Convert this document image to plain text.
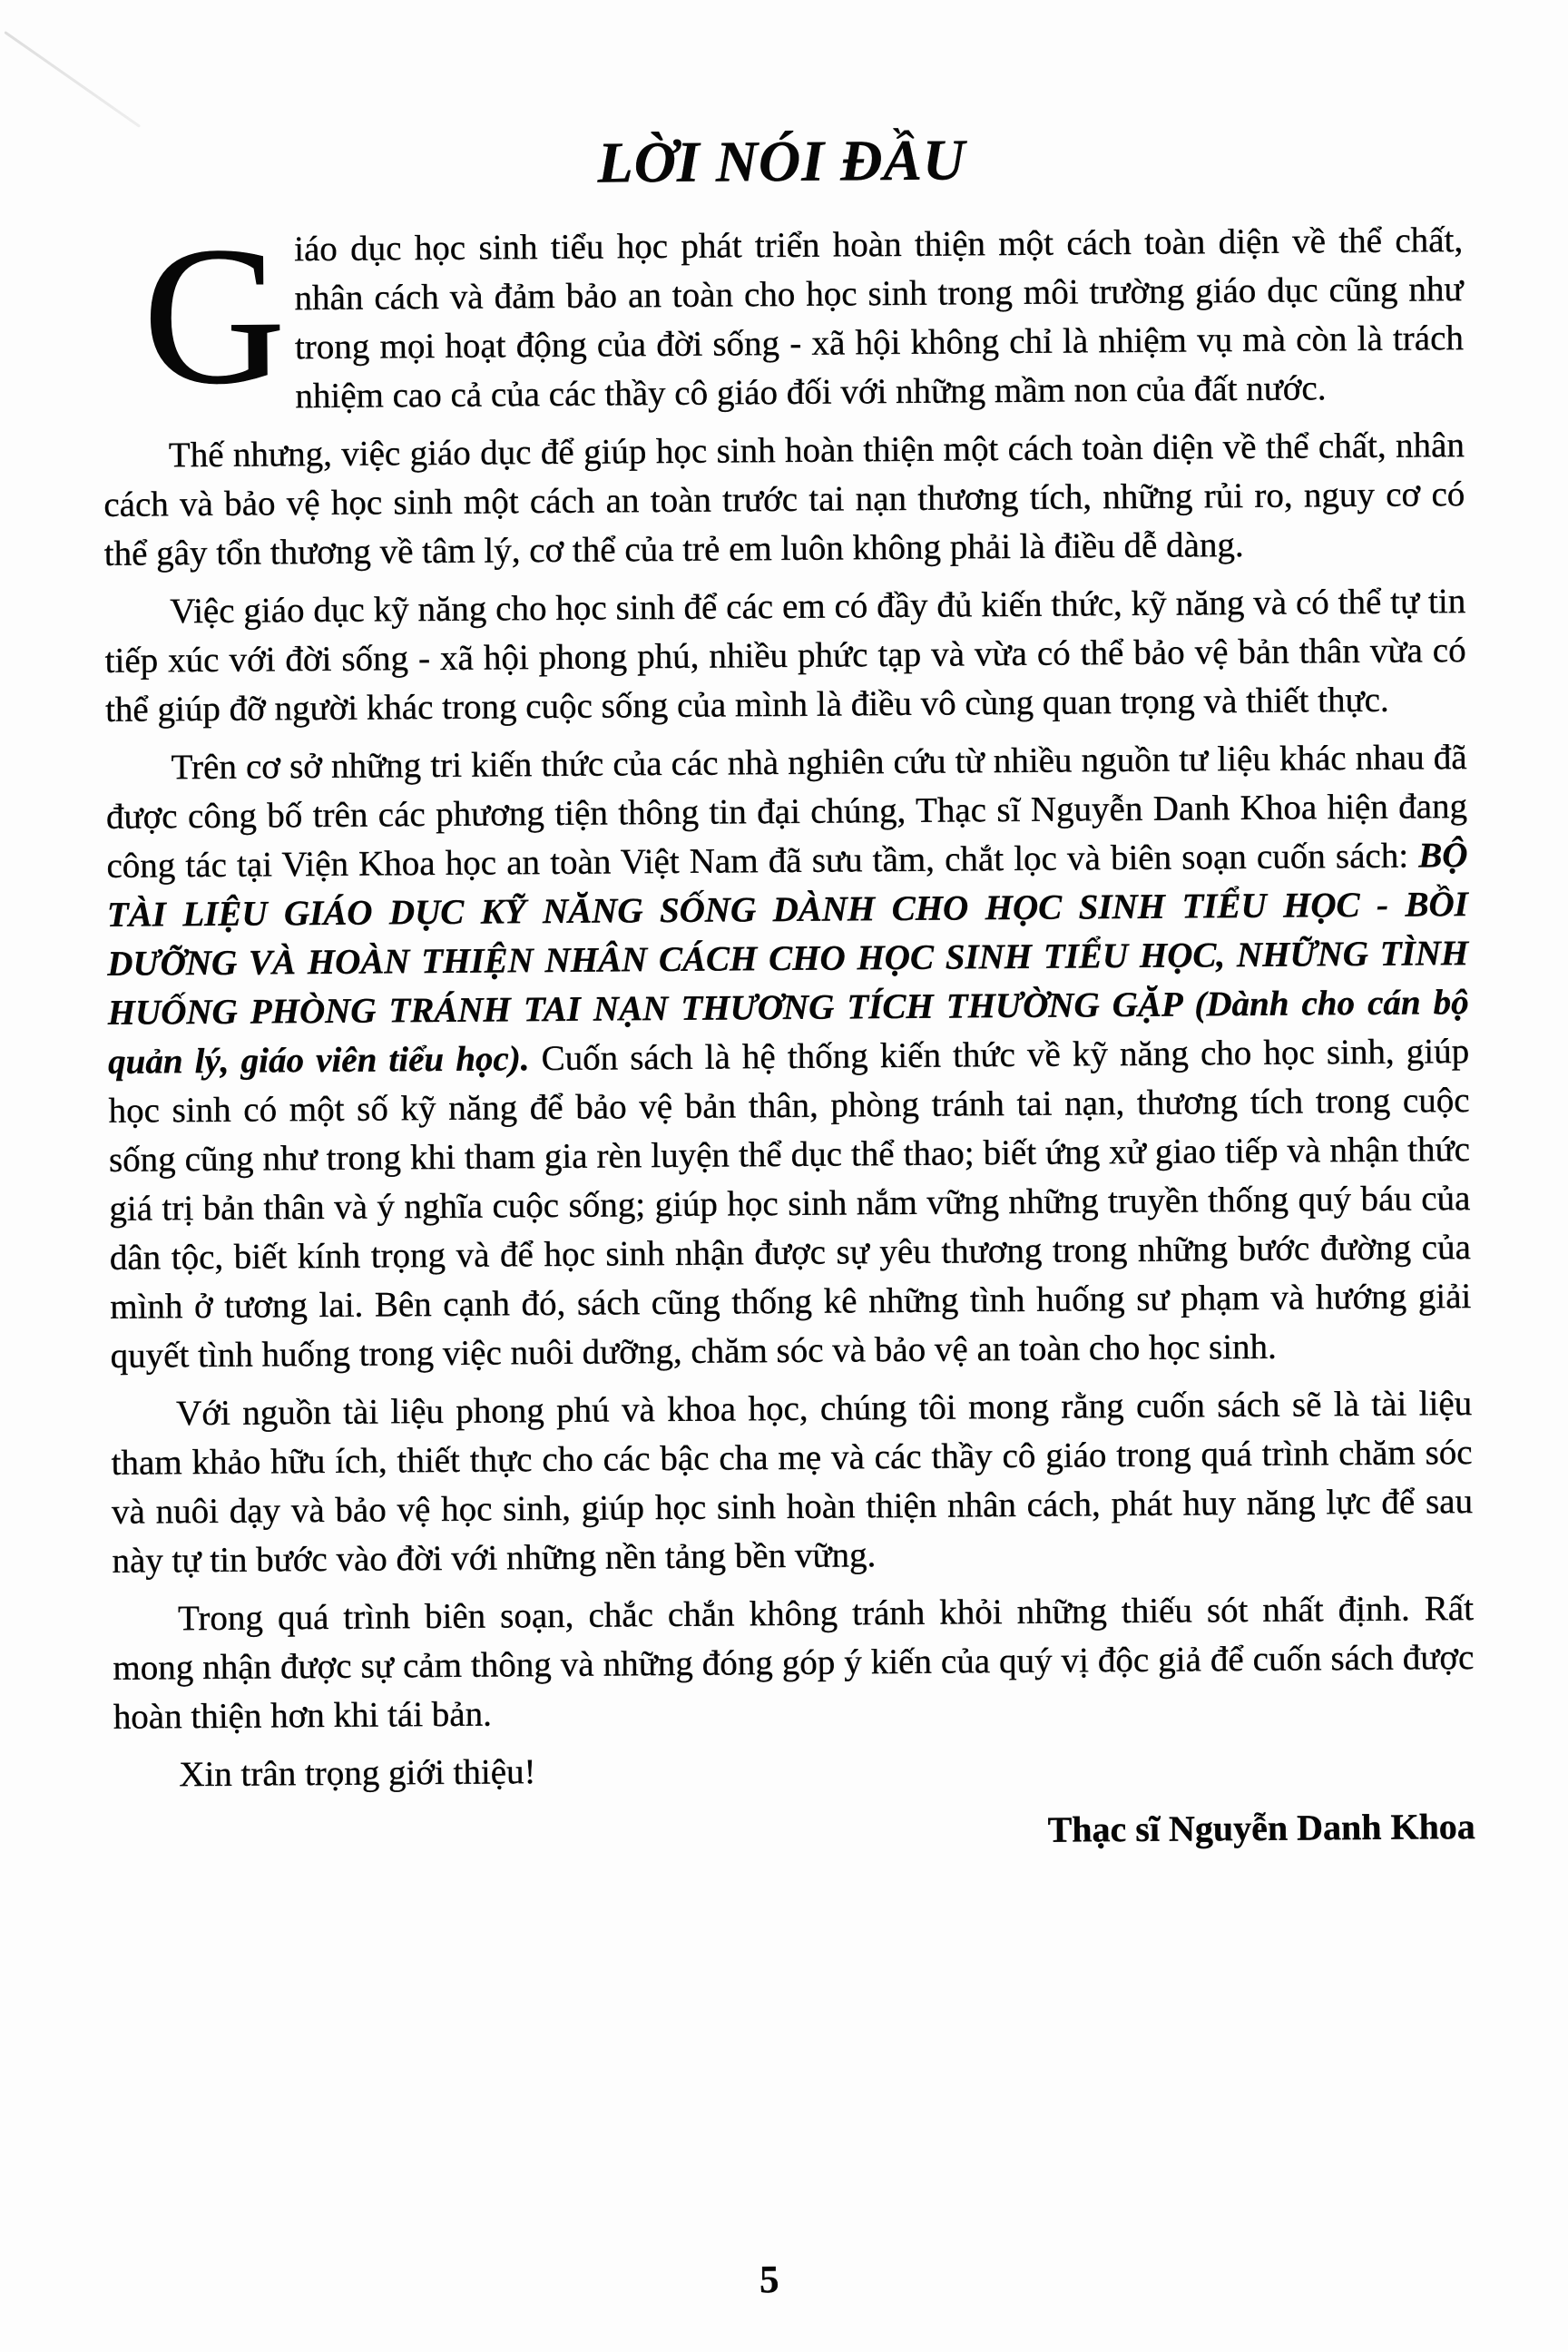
LỜI NÓI ĐẦU

Giáo dục học sinh tiểu học phát triển hoàn thiện một cách toàn diện về thể chất, nhân cách và đảm bảo an toàn cho học sinh trong môi trường giáo dục cũng như trong mọi hoạt động của đời sống - xã hội không chỉ là nhiệm vụ mà còn là trách nhiệm cao cả của các thầy cô giáo đối với những mầm non của đất nước.

Thế nhưng, việc giáo dục để giúp học sinh hoàn thiện một cách toàn diện về thể chất, nhân cách và bảo vệ học sinh một cách an toàn trước tai nạn thương tích, những rủi ro, nguy cơ có thể gây tổn thương về tâm lý, cơ thể của trẻ em luôn không phải là điều dễ dàng.

Việc giáo dục kỹ năng cho học sinh để các em có đầy đủ kiến thức, kỹ năng và có thể tự tin tiếp xúc với đời sống - xã hội phong phú, nhiều phức tạp và vừa có thể bảo vệ bản thân vừa có thể giúp đỡ người khác trong cuộc sống của mình là điều vô cùng quan trọng và thiết thực.

Trên cơ sở những tri kiến thức của các nhà nghiên cứu từ nhiều nguồn tư liệu khác nhau đã được công bố trên các phương tiện thông tin đại chúng, Thạc sĩ Nguyễn Danh Khoa hiện đang công tác tại Viện Khoa học an toàn Việt Nam đã sưu tầm, chắt lọc và biên soạn cuốn sách: BỘ TÀI LIỆU GIÁO DỤC KỸ NĂNG SỐNG DÀNH CHO HỌC SINH TIỂU HỌC - BỒI DƯỠNG VÀ HOÀN THIỆN NHÂN CÁCH CHO HỌC SINH TIỂU HỌC, NHỮNG TÌNH HUỐNG PHÒNG TRÁNH TAI NẠN THƯƠNG TÍCH THƯỜNG GẶP (Dành cho cán bộ quản lý, giáo viên tiểu học). Cuốn sách là hệ thống kiến thức về kỹ năng cho học sinh, giúp học sinh có một số kỹ năng để bảo vệ bản thân, phòng tránh tai nạn, thương tích trong cuộc sống cũng như trong khi tham gia rèn luyện thể dục thể thao; biết ứng xử giao tiếp và nhận thức giá trị bản thân và ý nghĩa cuộc sống; giúp học sinh nắm vững những truyền thống quý báu của dân tộc, biết kính trọng và để học sinh nhận được sự yêu thương trong những bước đường của mình ở tương lai. Bên cạnh đó, sách cũng thống kê những tình huống sư phạm và hướng giải quyết tình huống trong việc nuôi dưỡng, chăm sóc và bảo vệ an toàn cho học sinh.

Với nguồn tài liệu phong phú và khoa học, chúng tôi mong rằng cuốn sách sẽ là tài liệu tham khảo hữu ích, thiết thực cho các bậc cha mẹ và các thầy cô giáo trong quá trình chăm sóc và nuôi dạy và bảo vệ học sinh, giúp học sinh hoàn thiện nhân cách, phát huy năng lực để sau này tự tin bước vào đời với những nền tảng bền vững.

Trong quá trình biên soạn, chắc chắn không tránh khỏi những thiếu sót nhất định. Rất mong nhận được sự cảm thông và những đóng góp ý kiến của quý vị độc giả để cuốn sách được hoàn thiện hơn khi tái bản.

Xin trân trọng giới thiệu!

Thạc sĩ Nguyễn Danh Khoa

5
